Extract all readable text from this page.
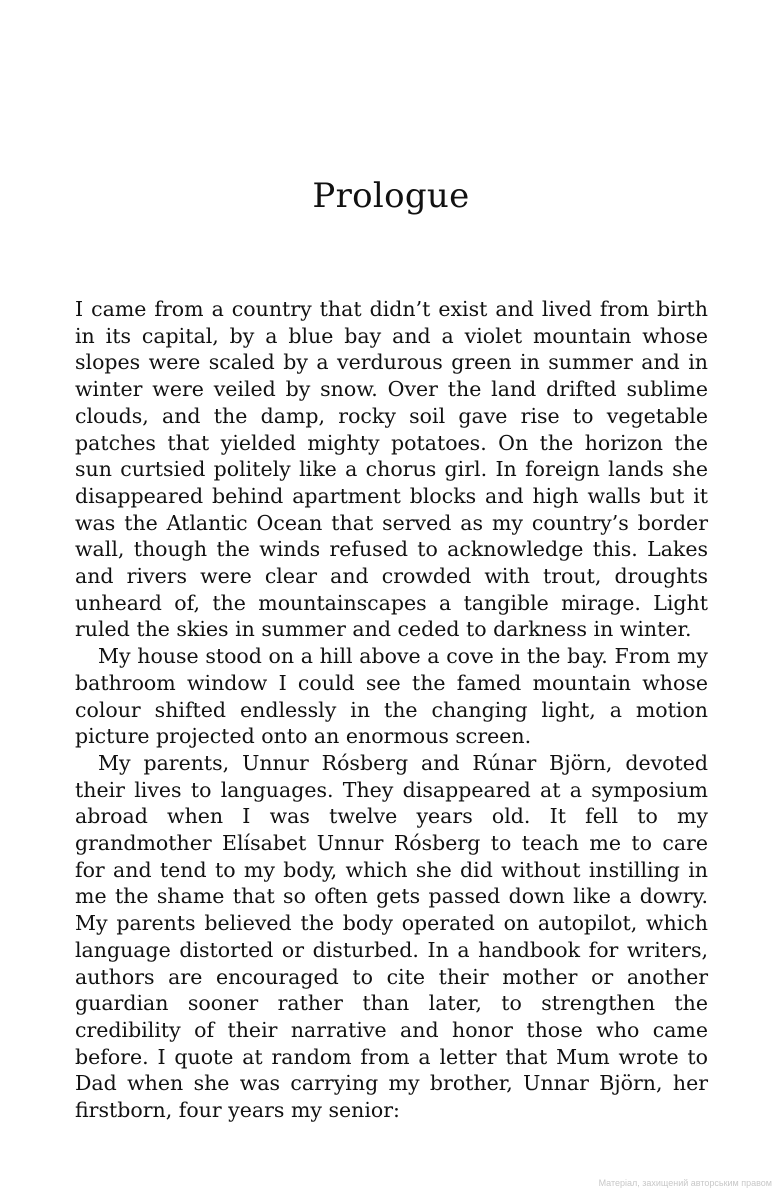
Prologue

I came from a country that didn’t exist and lived from birth in its capital, by a blue bay and a violet mountain whose slopes were scaled by a verdurous green in summer and in winter were veiled by snow. Over the land drifted sublime clouds, and the damp, rocky soil gave rise to vegetable patches that yielded mighty potatoes. On the horizon the sun curtsied politely like a chorus girl. In foreign lands she disappeared behind apartment blocks and high walls but it was the Atlantic Ocean that served as my country’s border wall, though the winds refused to acknowledge this. Lakes and rivers were clear and crowded with trout, droughts unheard of, the mountainscapes a tangible mirage. Light ruled the skies in summer and ceded to darkness in winter.

My house stood on a hill above a cove in the bay. From my bathroom window I could see the famed mountain whose colour shifted endlessly in the changing light, a motion picture projected onto an enormous screen.

My parents, Unnur Rósberg and Rúnar Björn, devoted their lives to languages. They disappeared at a symposium abroad when I was twelve years old. It fell to my grandmother Elísabet Unnur Rósberg to teach me to care for and tend to my body, which she did without instilling in me the shame that so often gets passed down like a dowry. My parents believed the body operated on autopilot, which language distorted or disturbed. In a handbook for writers, authors are encouraged to cite their mother or another guardian sooner rather than later, to strengthen the credibility of their narrative and honor those who came before. I quote at random from a letter that Mum wrote to Dad when she was carrying my brother, Unnar Björn, her firstborn, four years my senior:

Матеріал, захищений авторським правом
